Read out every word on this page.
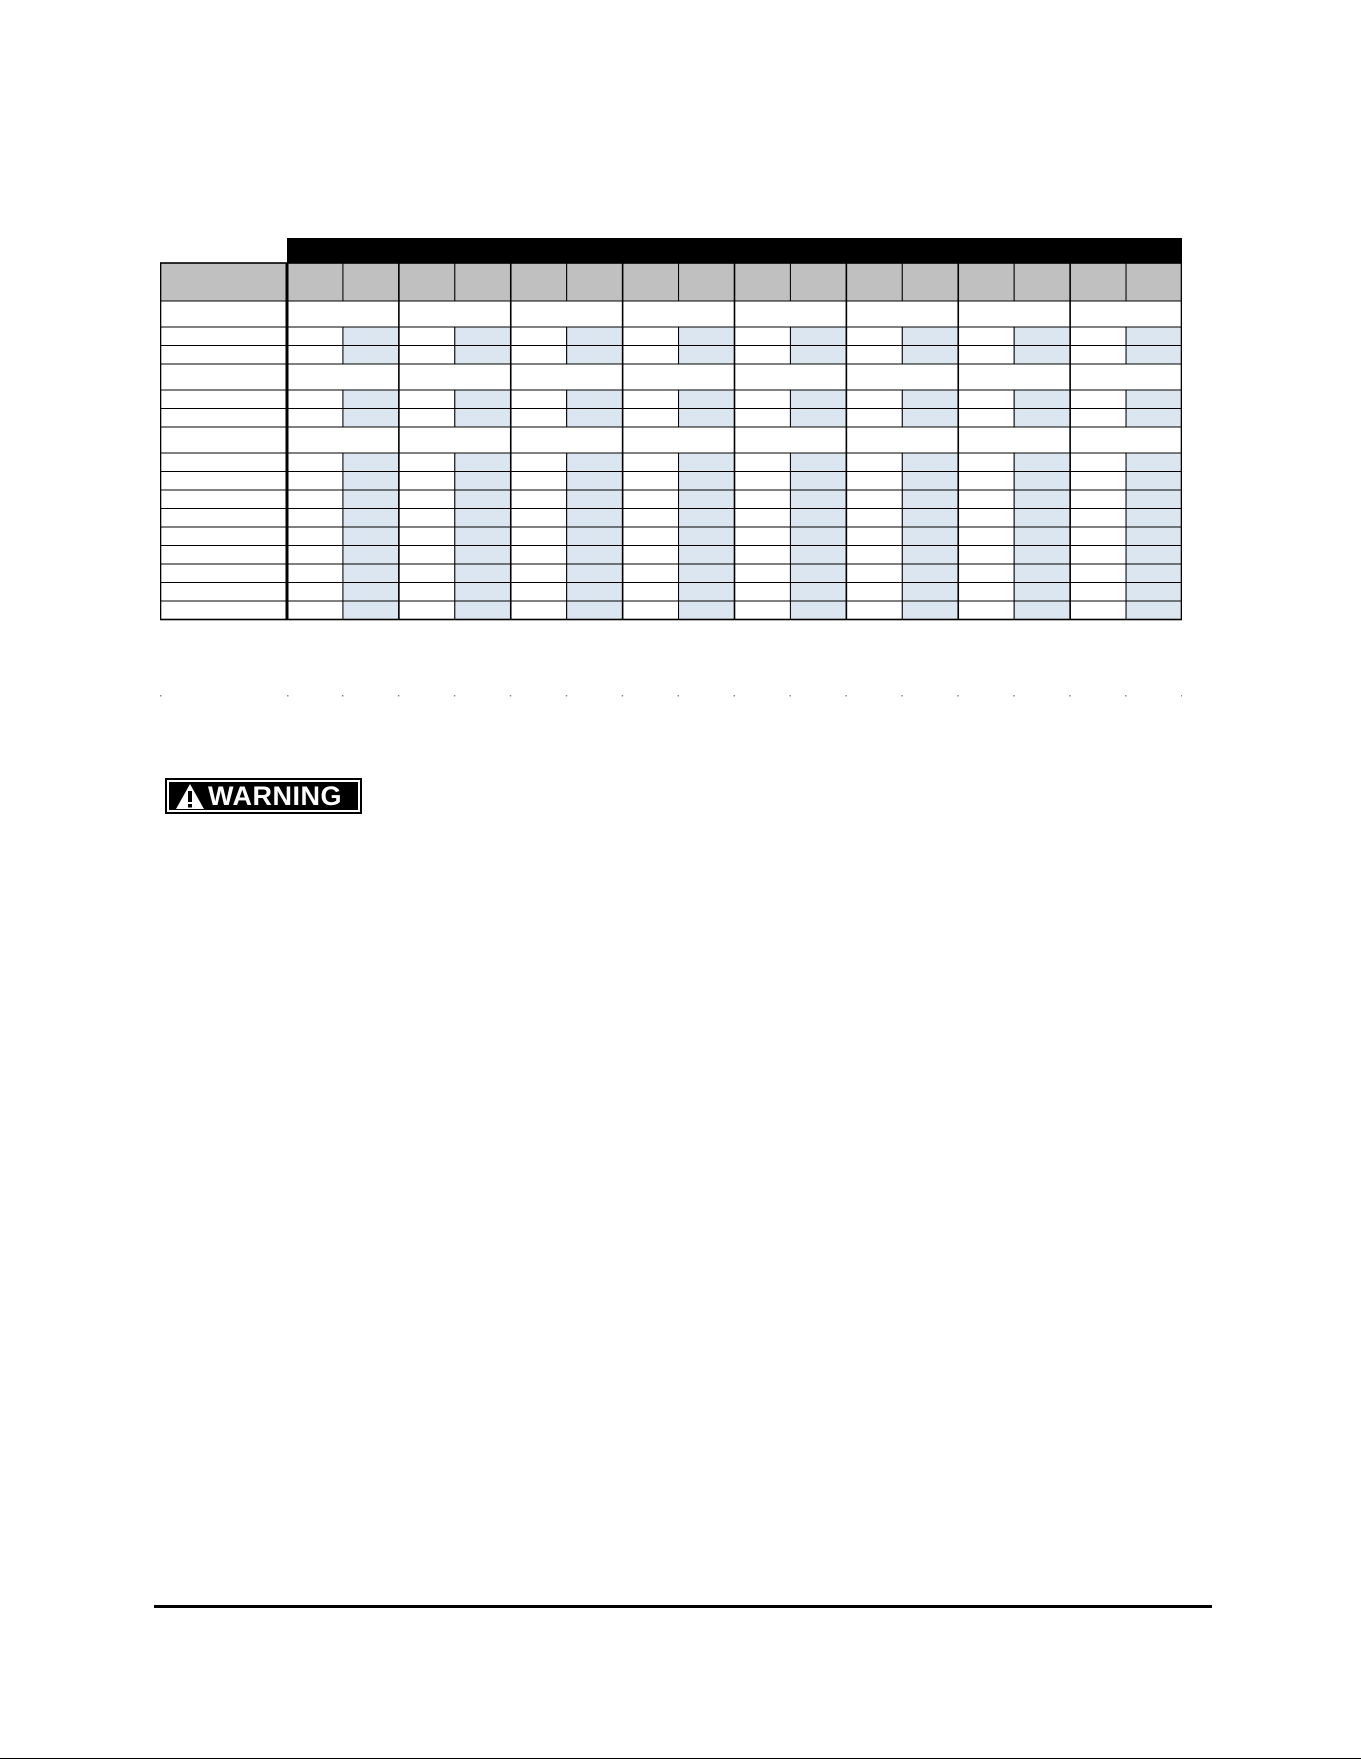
WARNING
